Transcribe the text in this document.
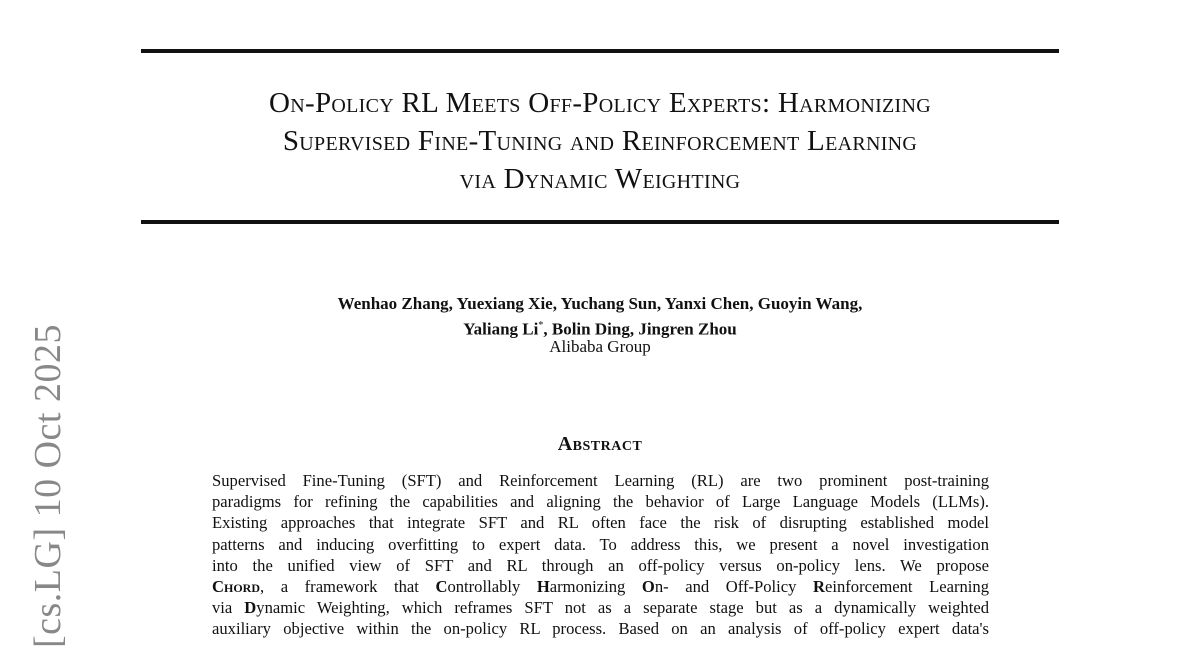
On-Policy RL Meets Off-Policy Experts: Harmonizing
Supervised Fine-Tuning and Reinforcement Learning
via Dynamic Weighting
Wenhao Zhang, Yuexiang Xie, Yuchang Sun, Yanxi Chen, Guoyin Wang,
Yaliang Li*, Bolin Ding, Jingren Zhou
Alibaba Group
Abstract
Supervised Fine-Tuning (SFT) and Reinforcement Learning (RL) are two prominent post-training
paradigms for refining the capabilities and aligning the behavior of Large Language Models (LLMs).
Existing approaches that integrate SFT and RL often face the risk of disrupting established model
patterns and inducing overfitting to expert data. To address this, we present a novel investigation
into the unified view of SFT and RL through an off-policy versus on-policy lens. We propose
Chord, a framework that Controllably Harmonizing On- and Off-Policy Reinforcement Learning
via Dynamic Weighting, which reframes SFT not as a separate stage but as a dynamically weighted
auxiliary objective within the on-policy RL process. Based on an analysis of off-policy expert data's
[cs.LG] 10 Oct 2025
